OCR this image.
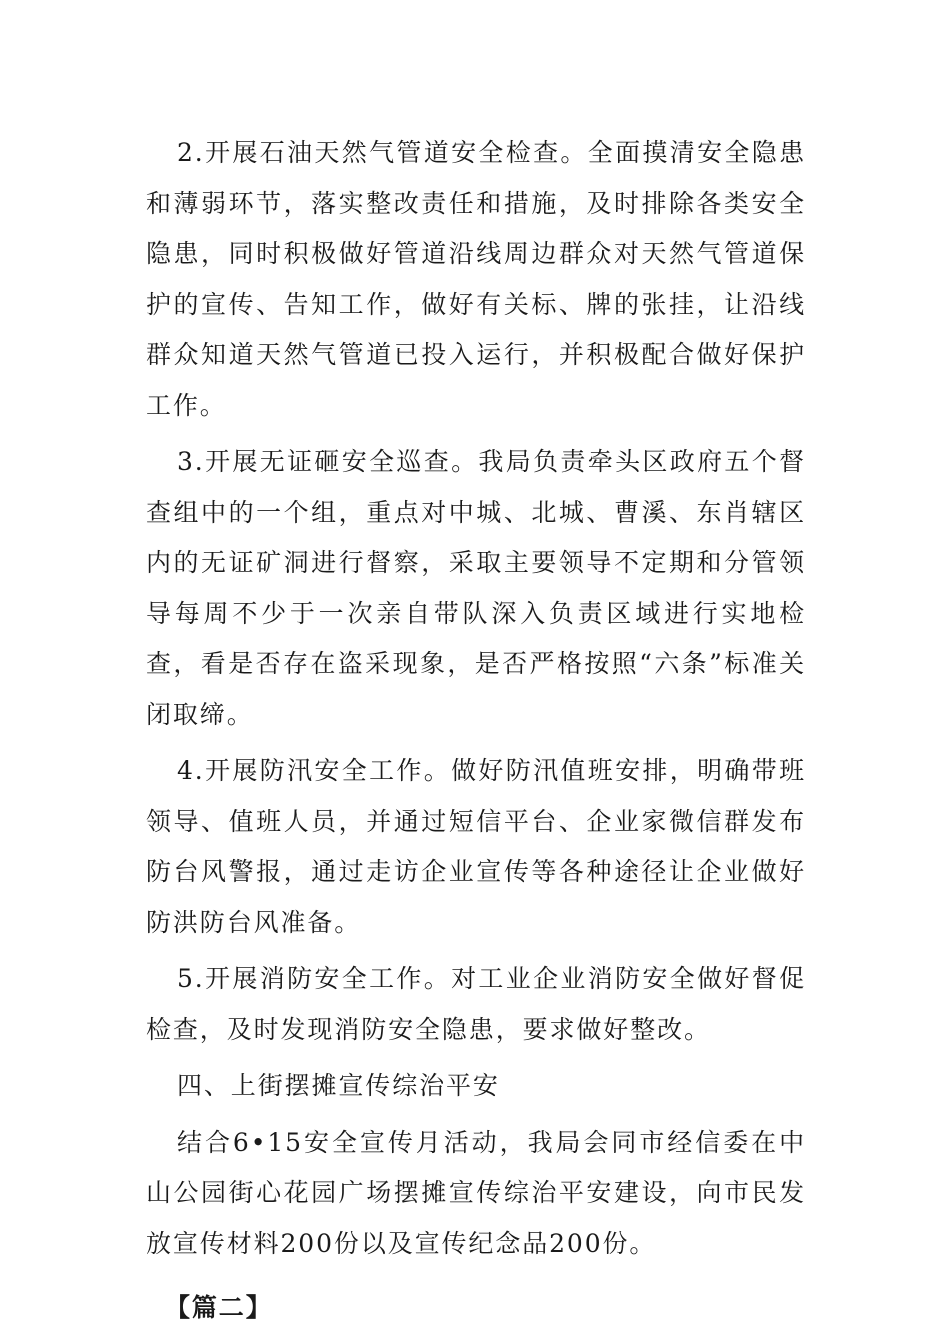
2.开展石油天然气管道安全检查。全面摸清安全隐患和薄弱环节，落实整改责任和措施，及时排除各类安全隐患，同时积极做好管道沿线周边群众对天然气管道保护的宣传、告知工作，做好有关标、牌的张挂，让沿线群众知道天然气管道已投入运行，并积极配合做好保护工作。

3.开展无证砸安全巡查。我局负责牵头区政府五个督查组中的一个组，重点对中城、北城、曹溪、东肖辖区内的无证矿洞进行督察，采取主要领导不定期和分管领导每周不少于一次亲自带队深入负责区域进行实地检查，看是否存在盗采现象，是否严格按照“六条”标准关闭取缔。

4.开展防汛安全工作。做好防汛值班安排，明确带班领导、值班人员，并通过短信平台、企业家微信群发布防台风警报，通过走访企业宣传等各种途径让企业做好防洪防台风准备。

5.开展消防安全工作。对工业企业消防安全做好督促检查，及时发现消防安全隐患，要求做好整改。

四、上街摆摊宣传综治平安

结合6•15安全宣传月活动，我局会同市经信委在中山公园街心花园广场摆摊宣传综治平安建设，向市民发放宣传材料200份以及宣传纪念品200份。

【篇二】
